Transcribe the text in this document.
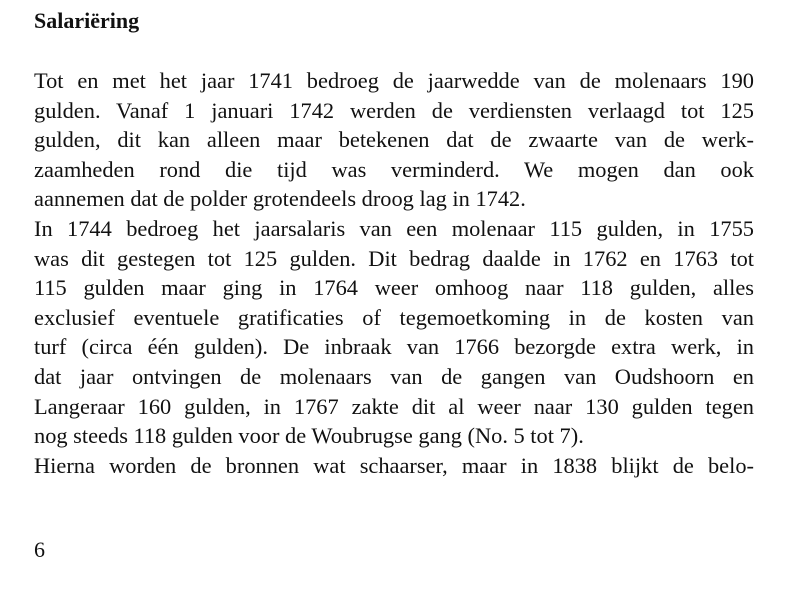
Salariëring
Tot en met het jaar 1741 bedroeg de jaarwedde van de molenaars 190
gulden. Vanaf 1 januari 1742 werden de verdiensten verlaagd tot 125
gulden, dit kan alleen maar betekenen dat de zwaarte van de werk-
zaamheden rond die tijd was verminderd. We mogen dan ook
aannemen dat de polder grotendeels droog lag in 1742.
In 1744 bedroeg het jaarsalaris van een molenaar 115 gulden, in 1755
was dit gestegen tot 125 gulden. Dit bedrag daalde in 1762 en 1763 tot
115 gulden maar ging in 1764 weer omhoog naar 118 gulden, alles
exclusief eventuele gratificaties of tegemoetkoming in de kosten van
turf (circa één gulden). De inbraak van 1766 bezorgde extra werk, in
dat jaar ontvingen de molenaars van de gangen van Oudshoorn en
Langeraar 160 gulden, in 1767 zakte dit al weer naar 130 gulden tegen
nog steeds 118 gulden voor de Woubrugse gang (No. 5 tot 7).
Hierna worden de bronnen wat schaarser, maar in 1838 blijkt de belo-
6
